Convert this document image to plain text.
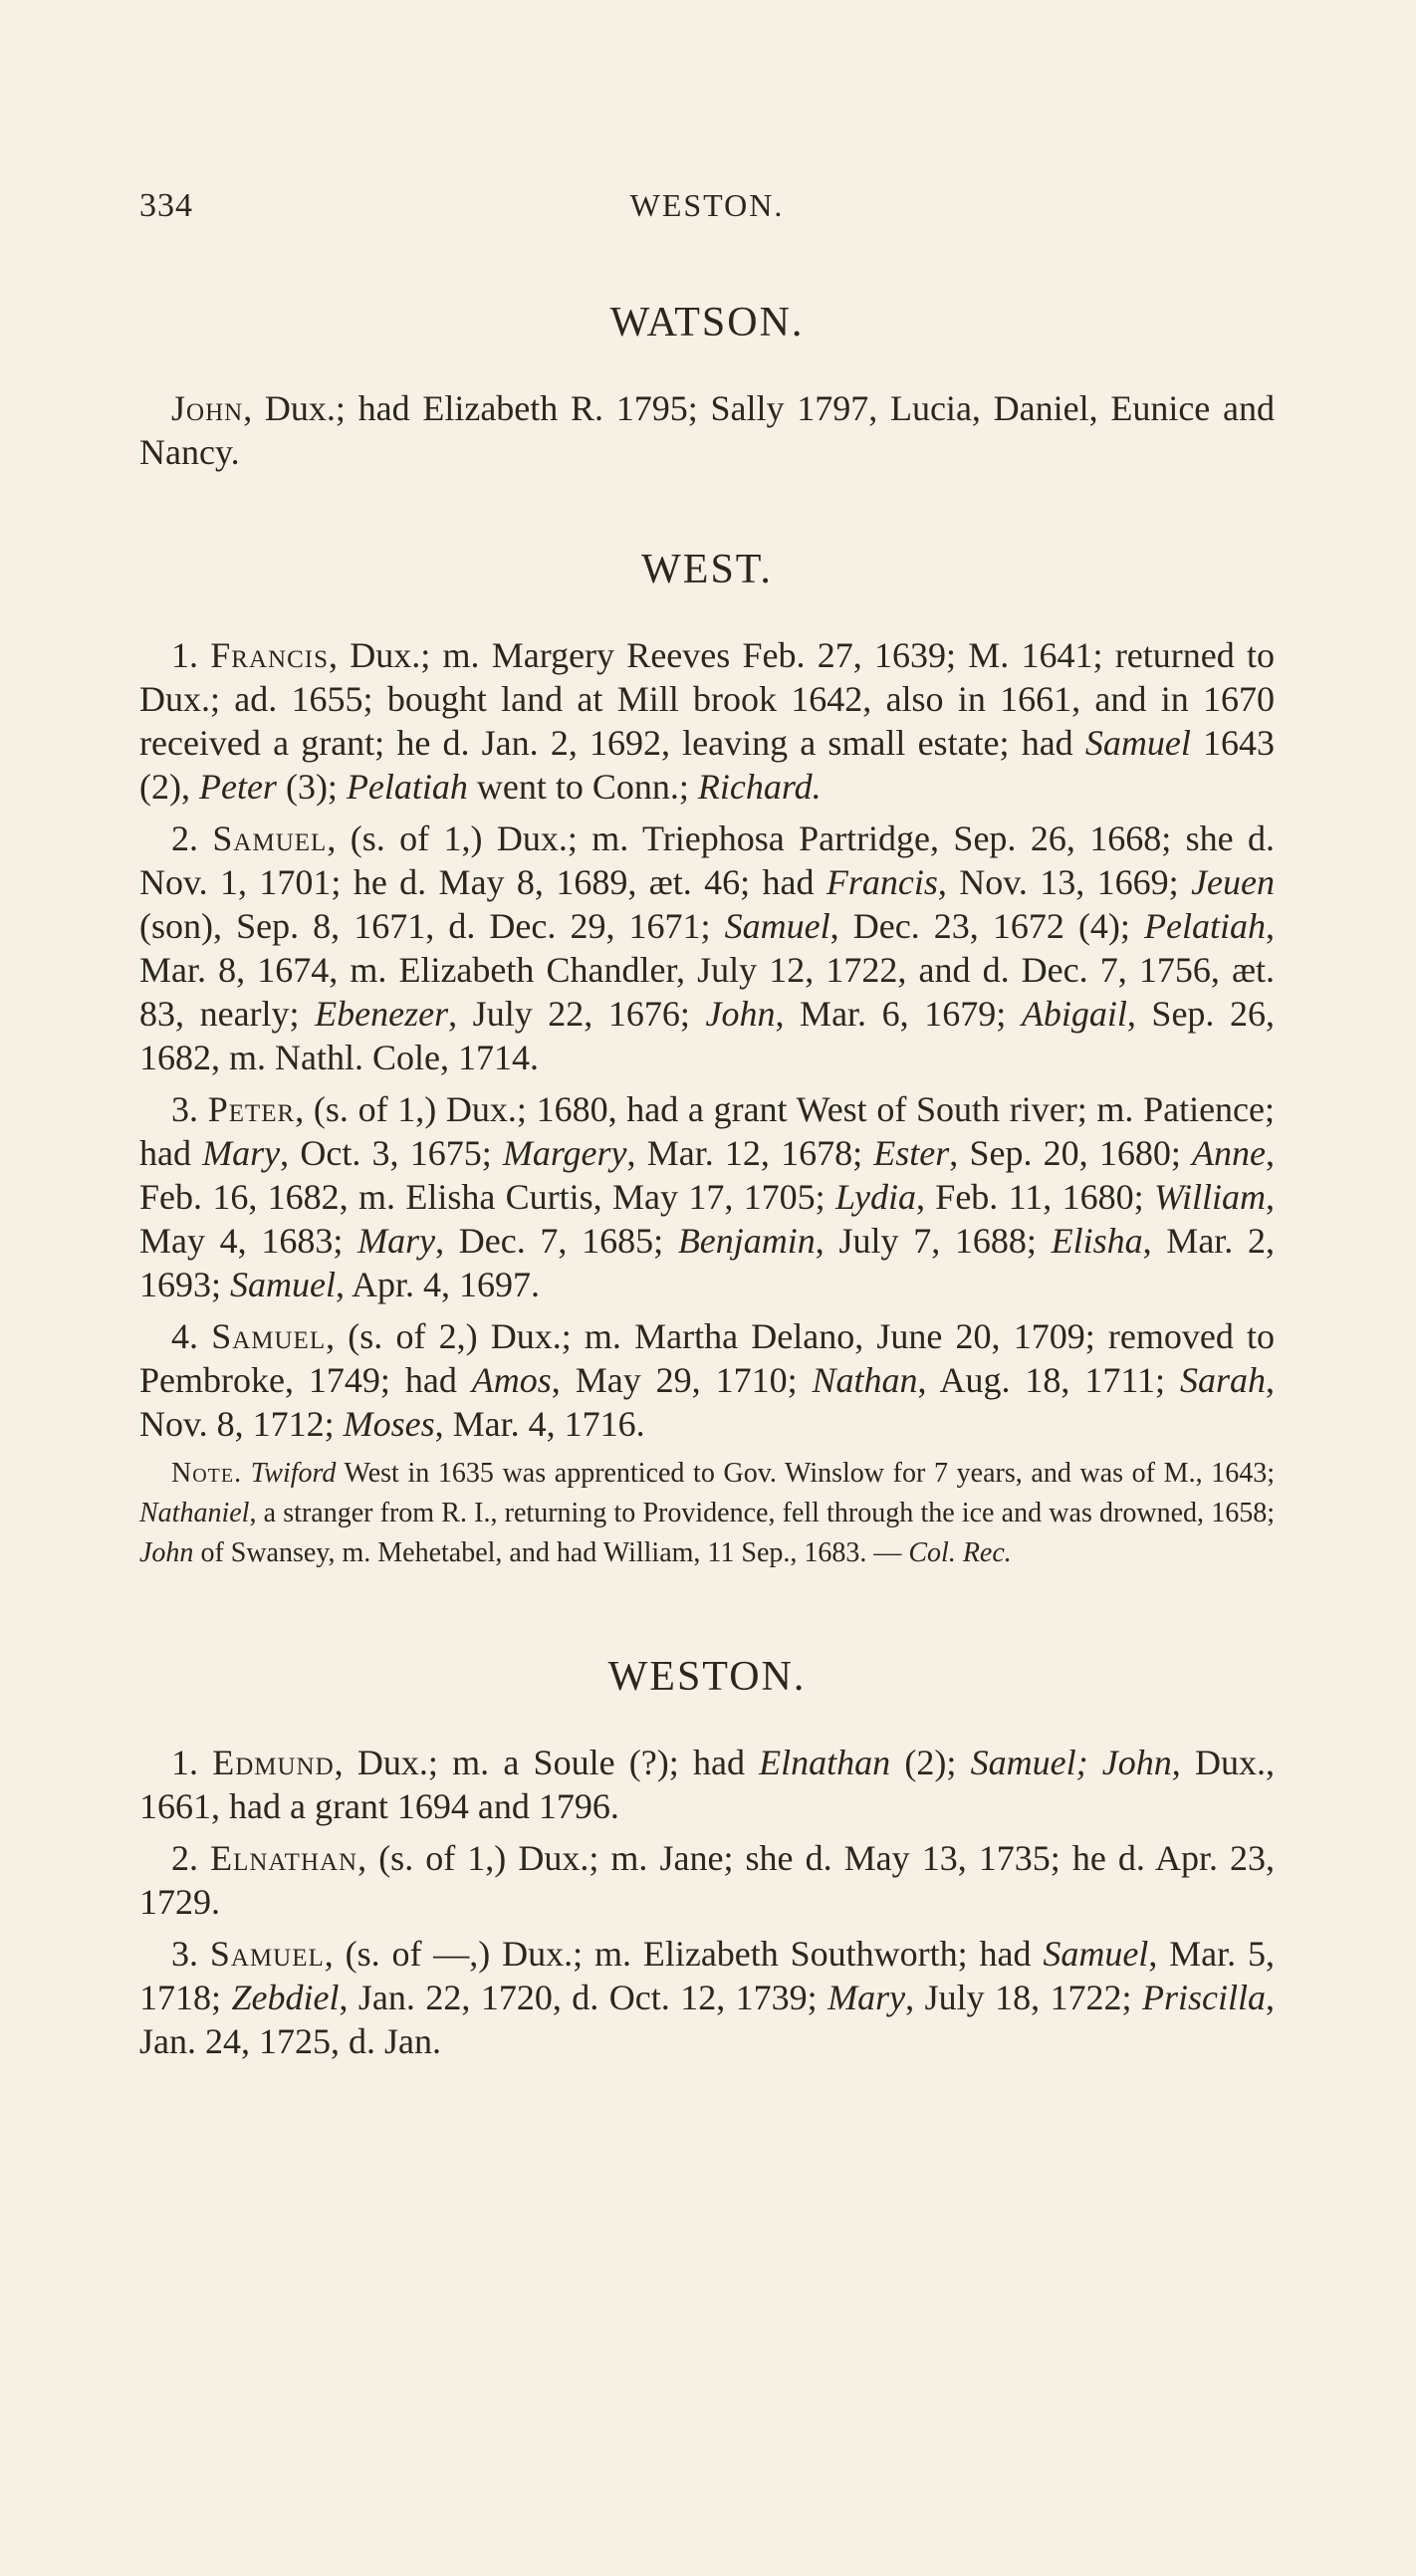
334	WESTON.
WATSON.

John, Dux.; had Elizabeth R. 1795; Sally 1797, Lucia, Daniel, Eunice and Nancy.

WEST.

1. Francis, Dux.; m. Margery Reeves Feb. 27, 1639; M. 1641; returned to Dux.; ad. 1655; bought land at Mill brook 1642, also in 1661, and in 1670 received a grant; he d. Jan. 2, 1692, leaving a small estate; had Samuel 1643 (2), Peter (3); Pelatiah went to Conn.; Richard.

2. Samuel, (s. of 1,) Dux.; m. Triephosa Partridge, Sep. 26, 1668; she d. Nov. 1, 1701; he d. May 8, 1689, æt. 46; had Francis, Nov. 13, 1669; Jeuen (son), Sep. 8, 1671, d. Dec. 29, 1671; Samuel, Dec. 23, 1672 (4); Pelatiah, Mar. 8, 1674, m. Elizabeth Chandler, July 12, 1722, and d. Dec. 7, 1756, æt. 83, nearly; Ebenezer, July 22, 1676; John, Mar. 6, 1679; Abigail, Sep. 26, 1682, m. Nathl. Cole, 1714.

3. Peter, (s. of 1,) Dux.; 1680, had a grant West of South river; m. Patience; had Mary, Oct. 3, 1675; Margery, Mar. 12, 1678; Ester, Sep. 20, 1680; Anne, Feb. 16, 1682, m. Elisha Curtis, May 17, 1705; Lydia, Feb. 11, 1680; William, May 4, 1683; Mary, Dec. 7, 1685; Benjamin, July 7, 1688; Elisha, Mar. 2, 1693; Samuel, Apr. 4, 1697.

4. Samuel, (s. of 2,) Dux.; m. Martha Delano, June 20, 1709; removed to Pembroke, 1749; had Amos, May 29, 1710; Nathan, Aug. 18, 1711; Sarah, Nov. 8, 1712; Moses, Mar. 4, 1716.

Note. Twiford West in 1635 was apprenticed to Gov. Winslow for 7 years, and was of M., 1643; Nathaniel, a stranger from R. I., returning to Providence, fell through the ice and was drowned, 1658; John of Swansey, m. Mehetabel, and had William, 11 Sep., 1683. — Col. Rec.

WESTON.

1. Edmund, Dux.; m. a Soule (?); had Elnathan (2); Samuel; John, Dux., 1661, had a grant 1694 and 1796.

2. Elnathan, (s. of 1,) Dux.; m. Jane; she d. May 13, 1735; he d. Apr. 23, 1729.

3. Samuel, (s. of —,) Dux.; m. Elizabeth Southworth; had Samuel, Mar. 5, 1718; Zebdiel, Jan. 22, 1720, d. Oct. 12, 1739; Mary, July 18, 1722; Priscilla, Jan. 24, 1725, d. Jan.
